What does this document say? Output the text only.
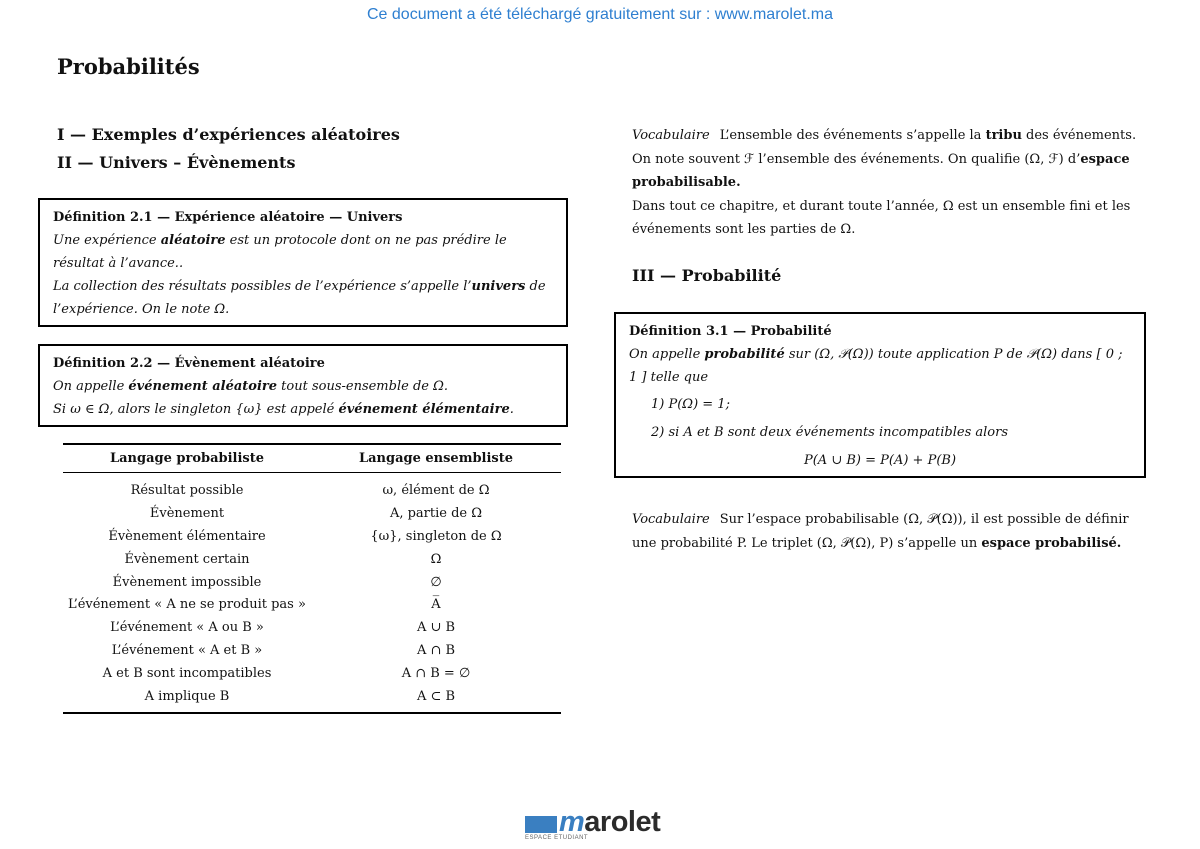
Ce document a été téléchargé gratuitement sur : www.marolet.ma
Probabilités
I — Exemples d’expériences aléatoires
II — Univers – Évènements
Définition 2.1 — Expérience aléatoire — Univers

Une expérience aléatoire est un protocole dont on ne pas prédire le résultat à l’avance..

La collection des résultats possibles de l’expérience s’appelle l’univers de l’expérience. On le note Ω.

Définition 2.2 — Évènement aléatoire

On appelle événement aléatoire tout sous-ensemble de Ω.

Si ω ∈ Ω, alors le singleton {ω} est appelé événement élémentaire.

Langage probabiliste	Langage ensembliste
Résultat possible	ω, élément de Ω
Évènement	A, partie de Ω
Évènement élémentaire	{ω}, singleton de Ω
Évènement certain	Ω
Évènement impossible	∅
L’événement « A ne se produit pas »	A̅
L’événement « A ou B »	A ∪ B
L’événement « A et B »	A ∩ B
A et B sont incompatibles	A ∩ B = ∅
A implique B	A ⊂ B

Vocabulaire L’ensemble des événements s’appelle la tribu des événements. On note souvent ℱ l’ensemble des événements. On qualifie (Ω, ℱ) d’espace probabilisable.

Dans tout ce chapitre, et durant toute l’année, Ω est un ensemble fini et les événements sont les parties de Ω.

III — Probabilité
Définition 3.1 — Probabilité

On appelle probabilité sur (Ω, 𝒫(Ω)) toute application P de 𝒫(Ω) dans [ 0 ; 1 ] telle que

1) P(Ω) = 1;
2) si A et B sont deux événements incompatibles alors
P(A ∪ B) = P(A) + P(B)

Vocabulaire Sur l’espace probabilisable (Ω, 𝒫(Ω)), il est possible de définir une probabilité P. Le triplet (Ω, 𝒫(Ω), P) s’appelle un espace probabilisé.

marolet
ESPACE ETUDIANT
